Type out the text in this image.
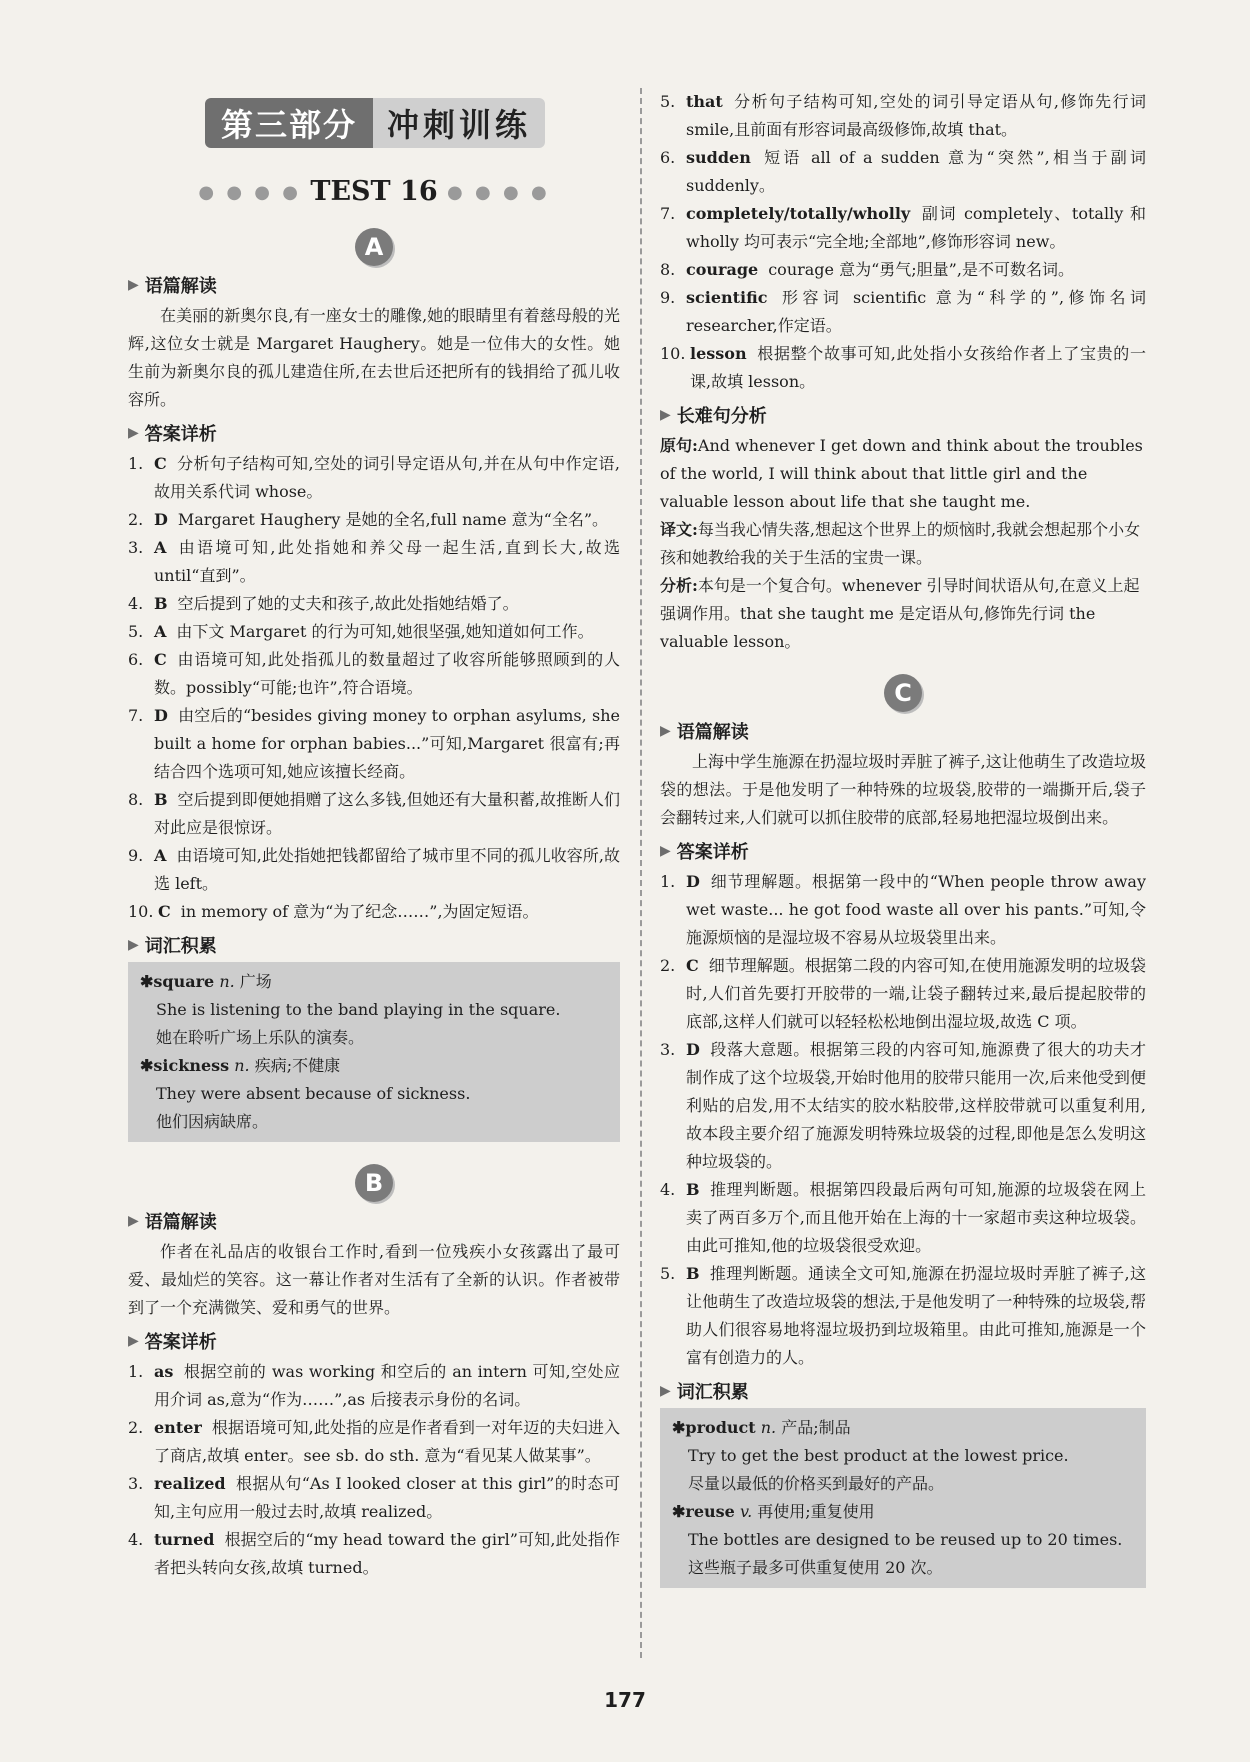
第三部分 冲刺训练
● ● ● ● TEST 16 ● ● ● ●
A
▶ 语篇解读

在美丽的新奥尔良,有一座女士的雕像,她的眼睛里有着慈母般的光辉,这位女士就是 Margaret Haughery。她是一位伟大的女性。她生前为新奥尔良的孤儿建造住所,在去世后还把所有的钱捐给了孤儿收容所。

▶ 答案详析
1. C 分析句子结构可知,空处的词引导定语从句,并在从句中作定语,故用关系代词 whose。
2. D Margaret Haughery 是她的全名,full name 意为“全名”。
3. A 由语境可知,此处指她和养父母一起生活,直到长大,故选 until“直到”。
4. B 空后提到了她的丈夫和孩子,故此处指她结婚了。
5. A 由下文 Margaret 的行为可知,她很坚强,她知道如何工作。
6. C 由语境可知,此处指孤儿的数量超过了收容所能够照顾到的人数。possibly“可能;也许”,符合语境。
7. D 由空后的“besides giving money to orphan asylums, she built a home for orphan babies...”可知,Margaret 很富有;再结合四个选项可知,她应该擅长经商。
8. B 空后提到即便她捐赠了这么多钱,但她还有大量积蓄,故推断人们对此应是很惊讶。
9. A 由语境可知,此处指她把钱都留给了城市里不同的孤儿收容所,故选 left。
10. C in memory of 意为“为了纪念……”,为固定短语。
▶ 词汇积累

✱square n. 广场

She is listening to the band playing in the square.

她在聆听广场上乐队的演奏。

✱sickness n. 疾病;不健康

They were absent because of sickness.

他们因病缺席。

B
▶ 语篇解读

作者在礼品店的收银台工作时,看到一位残疾小女孩露出了最可爱、最灿烂的笑容。这一幕让作者对生活有了全新的认识。作者被带到了一个充满微笑、爱和勇气的世界。

▶ 答案详析
1. as 根据空前的 was working 和空后的 an intern 可知,空处应用介词 as,意为“作为……”,as 后接表示身份的名词。
2. enter 根据语境可知,此处指的应是作者看到一对年迈的夫妇进入了商店,故填 enter。see sb. do sth. 意为“看见某人做某事”。
3. realized 根据从句“As I looked closer at this girl”的时态可知,主句应用一般过去时,故填 realized。
4. turned 根据空后的“my head toward the girl”可知,此处指作者把头转向女孩,故填 turned。
5. that 分析句子结构可知,空处的词引导定语从句,修饰先行词 smile,且前面有形容词最高级修饰,故填 that。
6. sudden 短语 all of a sudden 意为“突然”,相当于副词 suddenly。
7. completely/totally/wholly 副词 completely、totally 和 wholly 均可表示“完全地;全部地”,修饰形容词 new。
8. courage courage 意为“勇气;胆量”,是不可数名词。
9. scientific 形容词 scientific 意为“科学的”,修饰名词 researcher,作定语。
10. lesson 根据整个故事可知,此处指小女孩给作者上了宝贵的一课,故填 lesson。
▶ 长难句分析

原句:And whenever I get down and think about the troubles of the world, I will think about that little girl and the valuable lesson about life that she taught me.

译文:每当我心情失落,想起这个世界上的烦恼时,我就会想起那个小女孩和她教给我的关于生活的宝贵一课。

分析:本句是一个复合句。whenever 引导时间状语从句,在意义上起强调作用。that she taught me 是定语从句,修饰先行词 the valuable lesson。

C
▶ 语篇解读

上海中学生施源在扔湿垃圾时弄脏了裤子,这让他萌生了改造垃圾袋的想法。于是他发明了一种特殊的垃圾袋,胶带的一端撕开后,袋子会翻转过来,人们就可以抓住胶带的底部,轻易地把湿垃圾倒出来。

▶ 答案详析
1. D 细节理解题。根据第一段中的“When people throw away wet waste... he got food waste all over his pants.”可知,令施源烦恼的是湿垃圾不容易从垃圾袋里出来。
2. C 细节理解题。根据第二段的内容可知,在使用施源发明的垃圾袋时,人们首先要打开胶带的一端,让袋子翻转过来,最后提起胶带的底部,这样人们就可以轻轻松松地倒出湿垃圾,故选 C 项。
3. D 段落大意题。根据第三段的内容可知,施源费了很大的功夫才制作成了这个垃圾袋,开始时他用的胶带只能用一次,后来他受到便利贴的启发,用不太结实的胶水粘胶带,这样胶带就可以重复利用,故本段主要介绍了施源发明特殊垃圾袋的过程,即他是怎么发明这种垃圾袋的。
4. B 推理判断题。根据第四段最后两句可知,施源的垃圾袋在网上卖了两百多万个,而且他开始在上海的十一家超市卖这种垃圾袋。由此可推知,他的垃圾袋很受欢迎。
5. B 推理判断题。通读全文可知,施源在扔湿垃圾时弄脏了裤子,这让他萌生了改造垃圾袋的想法,于是他发明了一种特殊的垃圾袋,帮助人们很容易地将湿垃圾扔到垃圾箱里。由此可推知,施源是一个富有创造力的人。
▶ 词汇积累

✱product n. 产品;制品

Try to get the best product at the lowest price.

尽量以最低的价格买到最好的产品。

✱reuse v. 再使用;重复使用

The bottles are designed to be reused up to 20 times.

这些瓶子最多可供重复使用 20 次。

177
